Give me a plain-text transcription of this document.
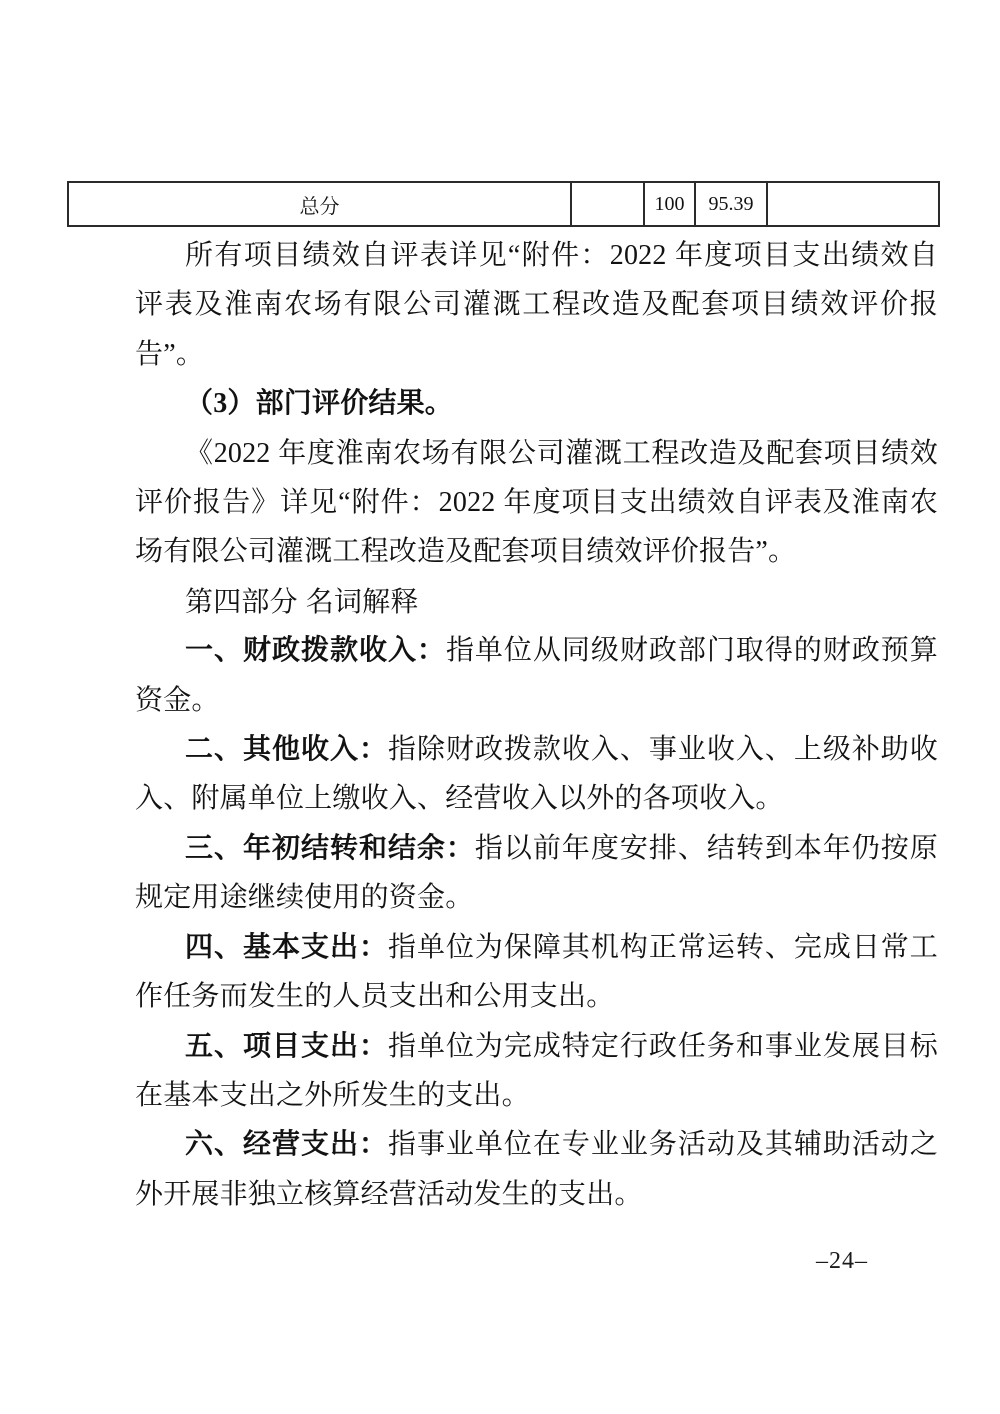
总分		100	95.39	

所有项目绩效自评表详见“附件：2022 年度项目支出绩效自评表及淮南农场有限公司灌溉工程改造及配套项目绩效评价报告”。

（3）部门评价结果。

《2022 年度淮南农场有限公司灌溉工程改造及配套项目绩效评价报告》详见“附件：2022 年度项目支出绩效自评表及淮南农场有限公司灌溉工程改造及配套项目绩效评价报告”。

第四部分 名词解释

一、财政拨款收入：指单位从同级财政部门取得的财政预算资金。

二、其他收入：指除财政拨款收入、事业收入、上级补助收入、附属单位上缴收入、经营收入以外的各项收入。

三、年初结转和结余：指以前年度安排、结转到本年仍按原规定用途继续使用的资金。

四、基本支出：指单位为保障其机构正常运转、完成日常工作任务而发生的人员支出和公用支出。

五、项目支出：指单位为完成特定行政任务和事业发展目标在基本支出之外所发生的支出。

六、经营支出：指事业单位在专业业务活动及其辅助活动之外开展非独立核算经营活动发生的支出。

–24–
